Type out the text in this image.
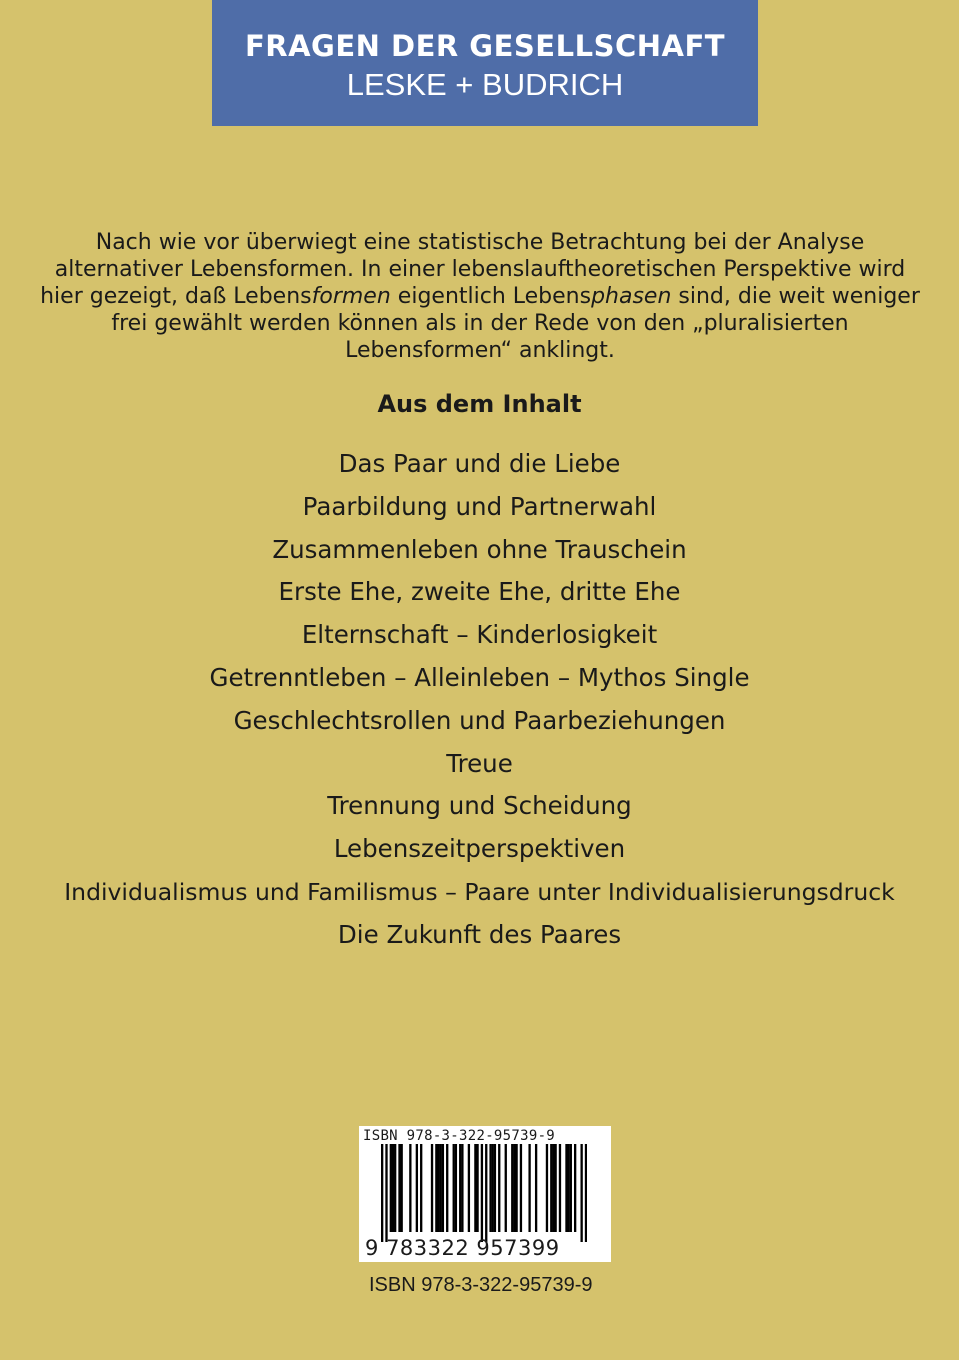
FRAGEN DER GESELLSCHAFT
LESKE + BUDRICH

Nach wie vor überwiegt eine statistische Betrachtung bei der Analyse alternativer Lebensformen. In einer lebenslauftheoretischen Perspektive wird hier gezeigt, daß Lebensformen eigentlich Lebensphasen sind, die weit weniger frei gewählt werden können als in der Rede von den „pluralisierten Lebensformen“ anklingt.

Aus dem Inhalt
Das Paar und die Liebe
Paarbildung und Partnerwahl
Zusammenleben ohne Trauschein
Erste Ehe, zweite Ehe, dritte Ehe
Elternschaft – Kinderlosigkeit
Getrenntleben – Alleinleben – Mythos Single
Geschlechtsrollen und Paarbeziehungen
Treue
Trennung und Scheidung
Lebenszeitperspektiven
Individualismus und Familismus – Paare unter Individualisierungsdruck
Die Zukunft des Paares
ISBN 978-3-322-95739-9
9 783322 957399
ISBN 978-3-322-95739-9
